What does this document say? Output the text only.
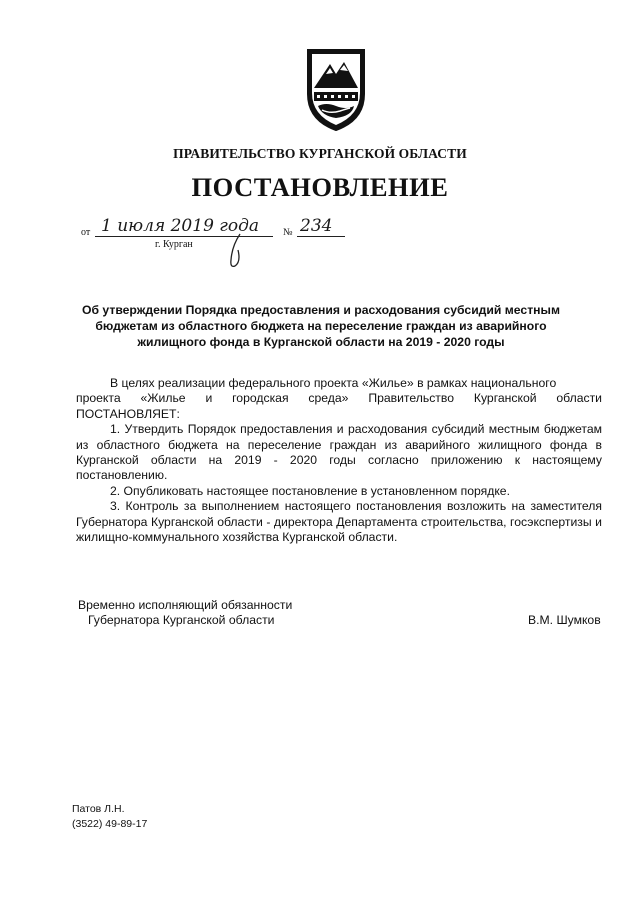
ПРАВИТЕЛЬСТВО КУРГАНСКОЙ ОБЛАСТИ
ПОСТАНОВЛЕНИЕ
от 1 июля 2019 года № 234
г. Курган
Об утверждении Порядка предоставления и расходования субсидий местным бюджетам из областного бюджета на переселение граждан из аварийного жилищного фонда в Курганской области на 2019 - 2020 годы

В целях реализации федерального проекта «Жилье» в рамках национального

проекта «Жилье и городская среда» Правительство Курганской области

ПОСТАНОВЛЯЕТ:

1. Утвердить Порядок предоставления и расходования субсидий местным бюджетам из областного бюджета на переселение граждан из аварийного жилищного фонда в Курганской области на 2019 - 2020 годы согласно приложению к настоящему постановлению.

2. Опубликовать настоящее постановление в установленном порядке.

3. Контроль за выполнением настоящего постановления возложить на заместителя Губернатора Курганской области - директора Департамента строительства, госэкспертизы и жилищно-коммунального хозяйства Курганской области.

Временно исполняющий обязанности
Губернатора Курганской области	В.М. Шумков
Патов Л.Н.
(3522) 49-89-17
